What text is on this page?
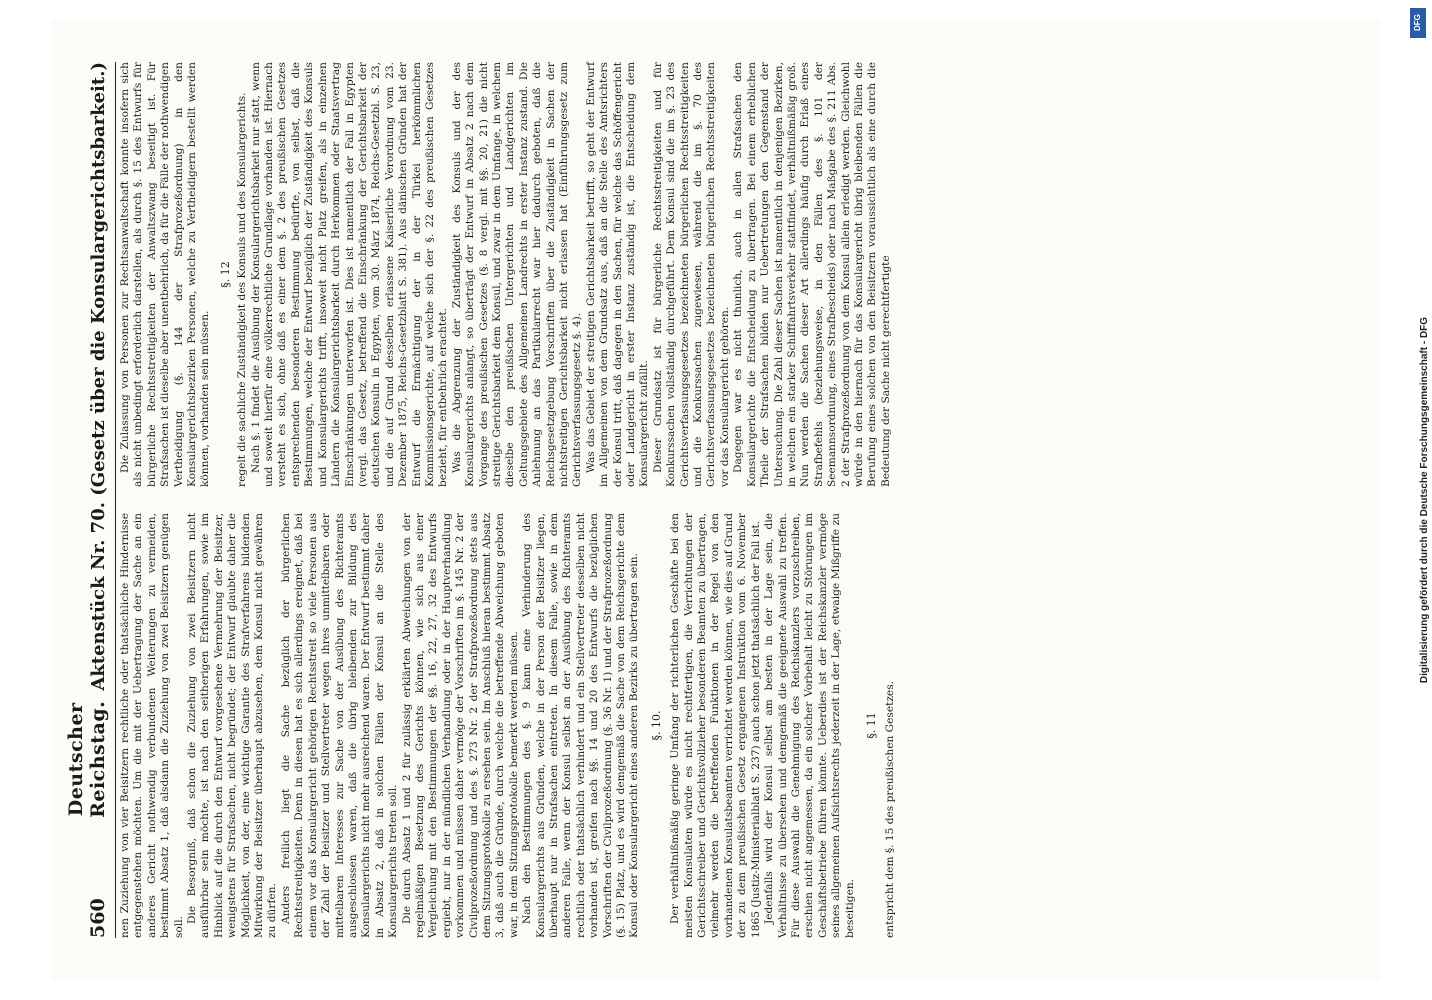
560
Deutscher Reichstag.
Aktenstück Nr. 70. (Gesetz über die Konsulargerichtsbarkeit.)

nen Zuziehung von vier Beisitzern rechtliche oder thatsächliche Hindernisse entgegenstehen möchten. Um die mit der Uebertragung der Sache an ein anderes Gericht nothwendig verbundenen Weiterungen zu vermeiden, bestimmt Absatz 1, daß alsdann die Zuziehung von zwei Beisitzern genügen soll.

Die Besorgniß, daß schon die Zuziehung von zwei Beisitzern nicht ausführbar sein möchte, ist nach den seitherigen Erfahrungen, sowie im Hinblick auf die durch den Entwurf vorgesehene Vermehrung der Beisitzer, wenigstens für Strafsachen, nicht begründet; der Entwurf glaubte daher die Möglichkeit, von der, eine wichtige Garantie des Strafverfahrens bildenden Mitwirkung der Beisitzer überhaupt abzusehen, dem Konsul nicht gewähren zu dürfen. Anders freilich liegt die Sache bezüglich der bürgerlichen Rechtsstreitigkeiten. Denn in diesen hat es sich allerdings ereignet, daß bei einem vor das Konsulargericht gehörigen Rechtsstreit so viele Personen aus der Zahl der Beisitzer und Stellvertreter wegen ihres unmittelbaren oder mittelbaren Interesses zur Sache von der Ausübung des Richteramts ausgeschlossen waren, daß die übrig bleibenden zur Bildung des Konsulargerichts nicht mehr ausreichend waren. Der Entwurf bestimmt daher in Absatz 2, daß in solchen Fällen der Konsul an die Stelle des Konsulargerichts treten soll. Die durch Absatz 1 und 2 für zulässig erklärten Abweichungen von der regelmäßigen Besetzung des Gerichts können, wie sich aus einer Vergleichung mit den Bestimmungen der §§. 16, 22, 27, 32 des Entwurfs ergiebt, nur in der mündlichen Verhandlung oder in der Hauptverhandlung vorkommen und müssen daher vermöge der Vorschriften im §. 145 Nr. 2 der Civilprozeßordnung und des §. 273 Nr. 2 der Strafprozeßordnung stets aus dem Sitzungsprotokolle zu ersehen sein. Im Anschluß hieran bestimmt Absatz 3, daß auch die Gründe, durch welche die betreffende Abweichung geboten war, in dem Sitzungsprotokolle bemerkt werden müssen. Nach den Bestimmungen des §. 9 kann eine Verhinderung des Konsulargerichts aus Gründen, welche in der Person der Beisitzer liegen, überhaupt nur in Strafsachen eintreten. In diesem Falle, sowie in dem anderen Falle, wenn der Konsul selbst an der Ausübung des Richteramts rechtlich oder thatsächlich verhindert und ein Stellvertreter desselben nicht vorhanden ist, greifen nach §§. 14 und 20 des Entwurfs die bezüglichen Vorschriften der Civilprozeßordnung (§. 36 Nr. 1) und der Strafprozeßordnung (§. 15) Platz, und es wird demgemäß die Sache von dem Reichsgerichte dem Konsul oder Konsulargericht eines anderen Bezirks zu übertragen sein. §. 10. Der verhältnißmäßig geringe Umfang der richterlichen Geschäfte bei den meisten Konsulaten würde es nicht rechtfertigen, die Verrichtungen der Gerichtsschreiber und Gerichtsvollzieher besonderen Beamten zu übertragen, vielmehr werden die betreffenden Funktionen in der Regel von den vorhandenen Konsulatsbeamten verrichtet werden können, wie dies auf Grund der zu dem preußischen Gesetz ergangenen Instruktion vom 6. November 1865 (Justiz-Ministerialblatt S. 237) auch schon jetzt thatsächlich der Fall ist. Jedenfalls wird der Konsul selbst am besten in der Lage sein, die Verhältnisse zu übersehen und demgemäß die geeignete Auswahl zu treffen. Für diese Auswahl die Genehmigung des Reichskanzlers vorzuschreiben, erschien nicht angemessen, da ein solcher Vorbehalt leicht zu Störungen im Geschäftsbetriebe führen könnte. Ueberdies ist der Reichskanzler vermöge seines allgemeinen Aufsichtsrechts jederzeit in der Lage, etwaige Mißgriffe zu beseitigen.

§. 11 entspricht dem §. 15 des preußischen Gesetzes.

Die Zulassung von Personen zur Rechtsanwaltschaft konnte insofern sich als nicht unbedingt erforderlich darstellen, als durch §. 15 des Entwurfs für bürgerliche Rechtsstreitigkeiten der Anwaltszwang beseitigt ist. Für Strafsachen ist dieselbe aber unentbehrlich, da für die Fälle der nothwendigen Vertheidigung (§. 144 der Strafprozeßordnung) in den Konsulargerichtsbezirken Personen, welche zu Vertheidigern bestellt werden können, vorhanden sein müssen.

§. 12 regelt die sachliche Zuständigkeit des Konsuls und des Konsulargerichts. Nach §. 1 findet die Ausübung der Konsulargerichtsbarkeit nur statt, wenn und soweit hierfür eine völkerrechtliche Grundlage vorhanden ist. Hiernach versteht es sich, ohne daß es einer dem §. 2 des preußischen Gesetzes entsprechenden besonderen Bestimmung bedürfte, von selbst, daß die Bestimmungen, welche der Entwurf bezüglich der Zuständigkeit des Konsuls und Konsulargerichts trifft, insoweit nicht Platz greifen, als in einzelnen Ländern die Konsulargerichtsbarkeit durch Herkommen oder Staatsvertrag Einschränkungen unterworfen ist. Dies ist namentlich der Fall in Egypten (vergl. das Gesetz, betreffend die Einschränkung der Gerichtsbarkeit der deutschen Konsuln in Egypten, vom 30. März 1874, Reichs-Gesetzbl. S. 23, und die auf Grund desselben erlassene Kaiserliche Verordnung vom 23. Dezember 1875, Reichs-Gesetzblatt S. 381). Aus dänischen Gründen hat der Entwurf die Ermächtigung der in der Türkei herkömmlichen Kommissionsgerichte, auf welche sich der §. 22 des preußischen Gesetzes bezieht, für entbehrlich erachtet. Was die Abgrenzung der Zuständigkeit des Konsuls und der des Konsulargerichts anlangt, so überträgt der Entwurf in Absatz 2 nach dem Vorgange des preußischen Gesetzes (§. 8 vergl. mit §§. 20, 21) die nicht streitige Gerichtsbarkeit dem Konsul, und zwar in dem Umfange, in welchem dieselbe den preußischen Untergerichten und Landgerichten im Geltungsgebiete des Allgemeinen Landrechts in erster Instanz zustand. Die Anlehnung an das Partikularrecht war hier dadurch geboten, daß die Reichsgesetzgebung Vorschriften über die Zuständigkeit in Sachen der nichtstreitigen Gerichtsbarkeit nicht erlassen hat (Einführungsgesetz zum Gerichtsverfassungsgesetz §. 4). Was das Gebiet der streitigen Gerichtsbarkeit betrifft, so geht der Entwurf im Allgemeinen von dem Grundsatz aus, daß an die Stelle des Amtsrichters der Konsul tritt, daß dagegen in den Sachen, für welche das Schöffengericht oder Landgericht in erster Instanz zuständig ist, die Entscheidung dem Konsulargericht zufällt. Dieser Grundsatz ist für bürgerliche Rechtsstreitigkeiten und für Konkurssachen vollständig durchgeführt. Dem Konsul sind die im §. 23 des Gerichtsverfassungsgesetzes bezeichneten bürgerlichen Rechtsstreitigkeiten und die Konkurssachen zugewiesen, während die im §. 70 des Gerichtsverfassungsgesetzes bezeichneten bürgerlichen Rechtsstreitigkeiten vor das Konsulargericht gehören. Dagegen war es nicht thunlich, auch in allen Strafsachen den Konsulargerichte die Entscheidung zu übertragen. Bei einem erheblichen Theile der Strafsachen bilden nur Uebertretungen den Gegenstand der Untersuchung. Die Zahl dieser Sachen ist namentlich in denjenigen Bezirken, in welchen ein starker Schifffahrtsverkehr stattfindet, verhältnißmäßig groß. Nun werden die Sachen dieser Art allerdings häufig durch Erlaß eines Strafbefehls (beziehungsweise, in den Fällen des §. 101 der Seemannsordnung, eines Strafbescheids) oder nach Maßgabe des §. 211 Abs. 2 der Strafprozeßordnung von dem Konsul allein erledigt werden. Gleichwohl würde in den hiernach für das Konsulargericht übrig bleibenden Fällen die Berufung eines solchen von den Beisitzern voraussichtlich als eine durch die Bedeutung der Sache nicht gerechtfertigte

DFG
Digitalisierung gefördert durch die Deutsche Forschungsgemeinschaft - DFG
